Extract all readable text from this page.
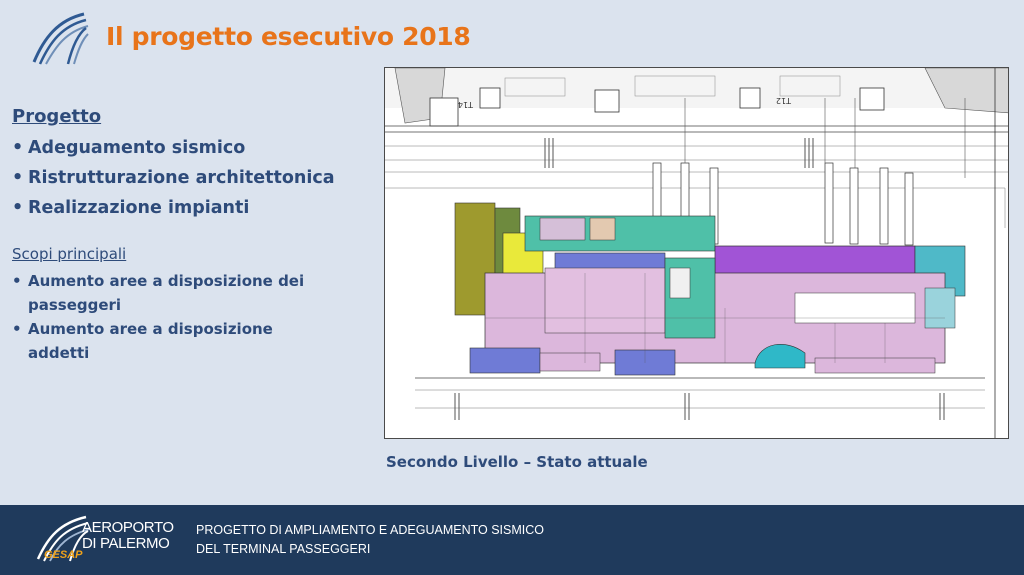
Il progetto esecutivo 2018
Progetto
• Adeguamento sismico
• Ristrutturazione architettonica
• Realizzazione impianti
Scopi principali
• Aumento aree a disposizione dei passeggeri
• Aumento aree a disposizione addetti
T14	T12
Secondo Livello – Stato attuale
AEROPORTO
DI PALERMO
GESAP
PROGETTO DI AMPLIAMENTO E ADEGUAMENTO SISMICO
DEL TERMINAL PASSEGGERI
